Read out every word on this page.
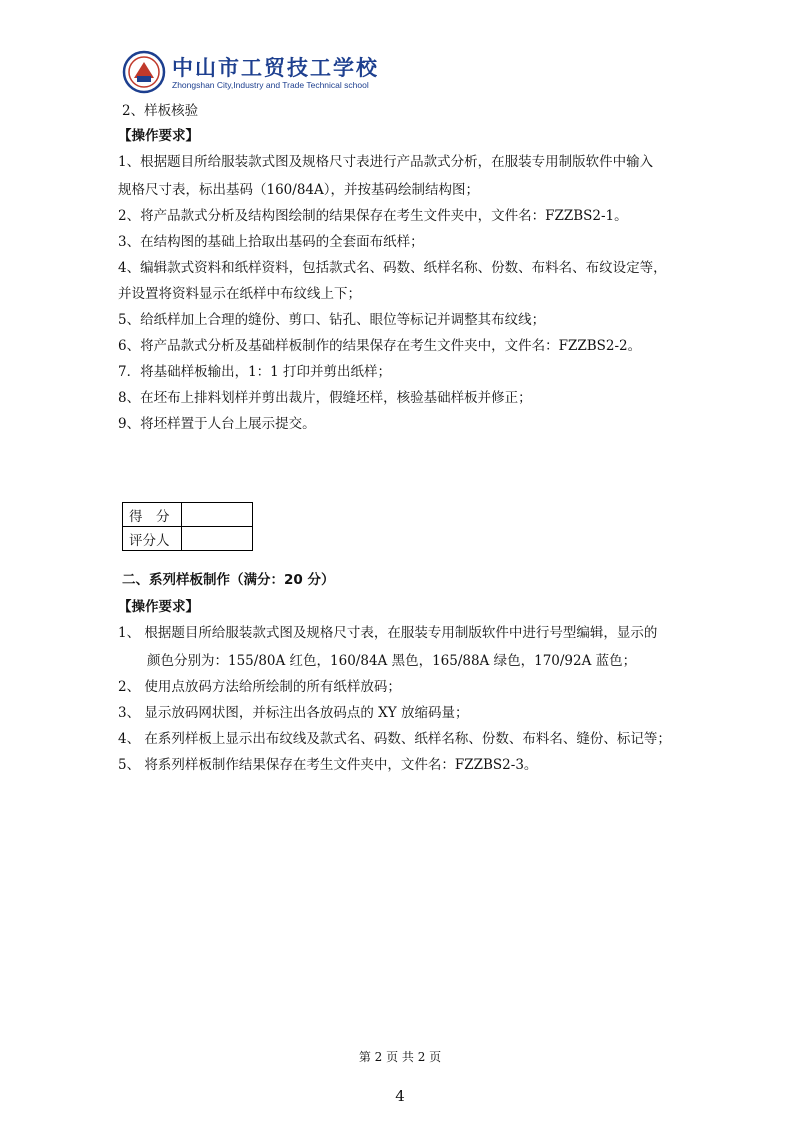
中山市工贸技工学校
Zhongshan City,Industry and Trade Technical school
2、样板核验
【操作要求】
1、根据题目所给服装款式图及规格尺寸表进行产品款式分析，在服装专用制版软件中输入
规格尺寸表，标出基码（160/84A），并按基码绘制结构图；
2、将产品款式分析及结构图绘制的结果保存在考生文件夹中，文件名：FZZBS2-1。
3、在结构图的基础上拾取出基码的全套面布纸样；
4、编辑款式资料和纸样资料，包括款式名、码数、纸样名称、份数、布料名、布纹设定等，
并设置将资料显示在纸样中布纹线上下；
5、给纸样加上合理的缝份、剪口、钻孔、眼位等标记并调整其布纹线；
6、将产品款式分析及基础样板制作的结果保存在考生文件夹中，文件名：FZZBS2-2。
7．将基础样板输出，1：1 打印并剪出纸样；
8、在坯布上排料划样并剪出裁片，假缝坯样，核验基础样板并修正；
9、将坯样置于人台上展示提交。
得　分	
评分人	
二、系列样板制作（满分：20 分）
【操作要求】
1、 根据题目所给服装款式图及规格尺寸表，在服装专用制版软件中进行号型编辑，显示的
颜色分别为：155/80A 红色，160/84A 黑色，165/88A 绿色，170/92A 蓝色；
2、 使用点放码方法给所绘制的所有纸样放码；
3、 显示放码网状图，并标注出各放码点的 XY 放缩码量；
4、 在系列样板上显示出布纹线及款式名、码数、纸样名称、份数、布料名、缝份、标记等；
5、 将系列样板制作结果保存在考生文件夹中，文件名：FZZBS2-3。
第 2 页 共 2 页
4
